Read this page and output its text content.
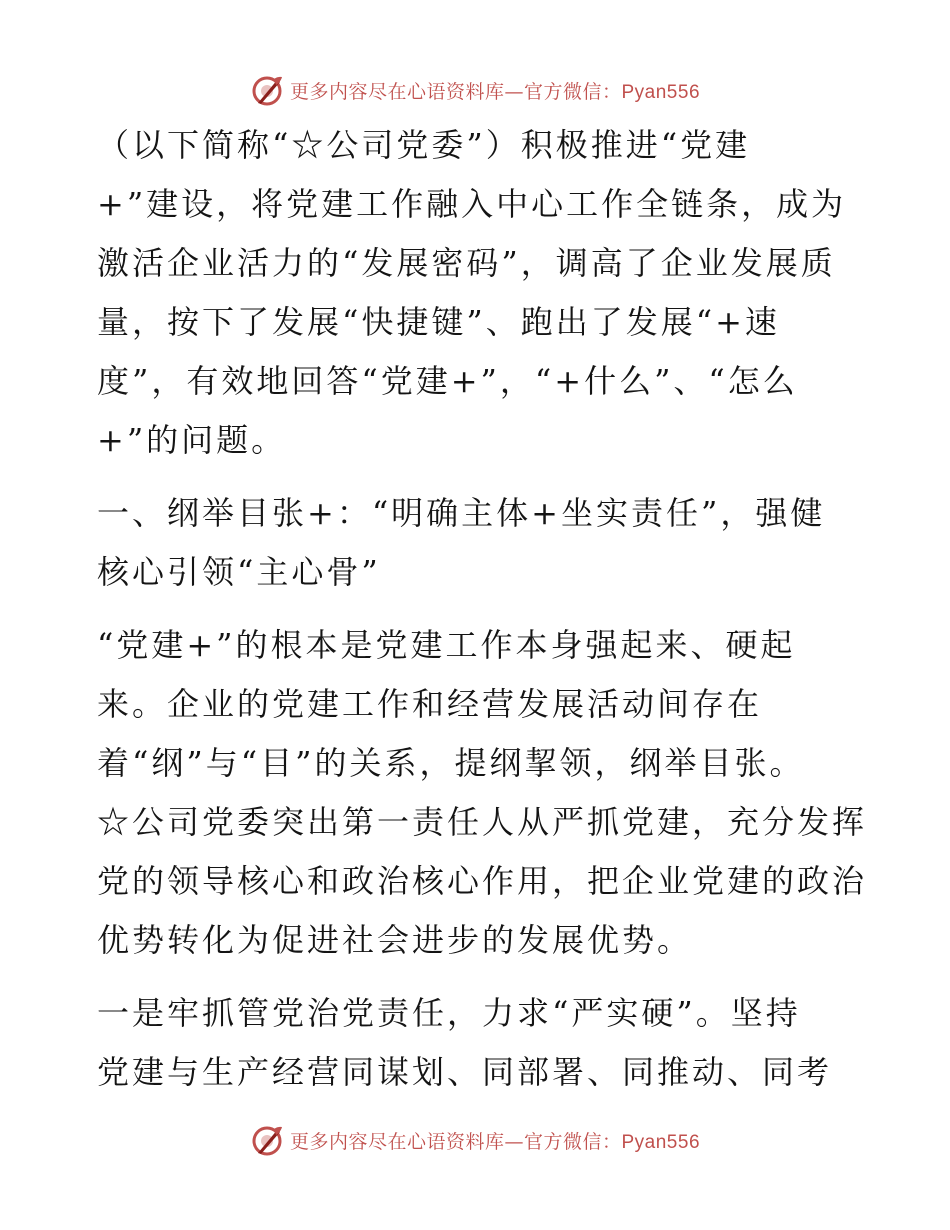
更多内容尽在心语资料库—官方微信：Pyan556
（以下简称“☆公司党委”）积极推进“党建
+”建设，将党建工作融入中心工作全链条，成为
激活企业活力的“发展密码”，调高了企业发展质
量，按下了发展“快捷键”、跑出了发展“+速
度”，有效地回答“党建+”，“+什么”、“怎么
+”的问题。
一、纲举目张+：“明确主体+坐实责任”，强健
核心引领“主心骨”
“党建+”的根本是党建工作本身强起来、硬起
来。企业的党建工作和经营发展活动间存在
着“纲”与“目”的关系，提纲挈领，纲举目张。
☆公司党委突出第一责任人从严抓党建，充分发挥
党的领导核心和政治核心作用，把企业党建的政治
优势转化为促进社会进步的发展优势。
一是牢抓管党治党责任，力求“严实硬”。坚持
党建与生产经营同谋划、同部署、同推动、同考
更多内容尽在心语资料库—官方微信：Pyan556
